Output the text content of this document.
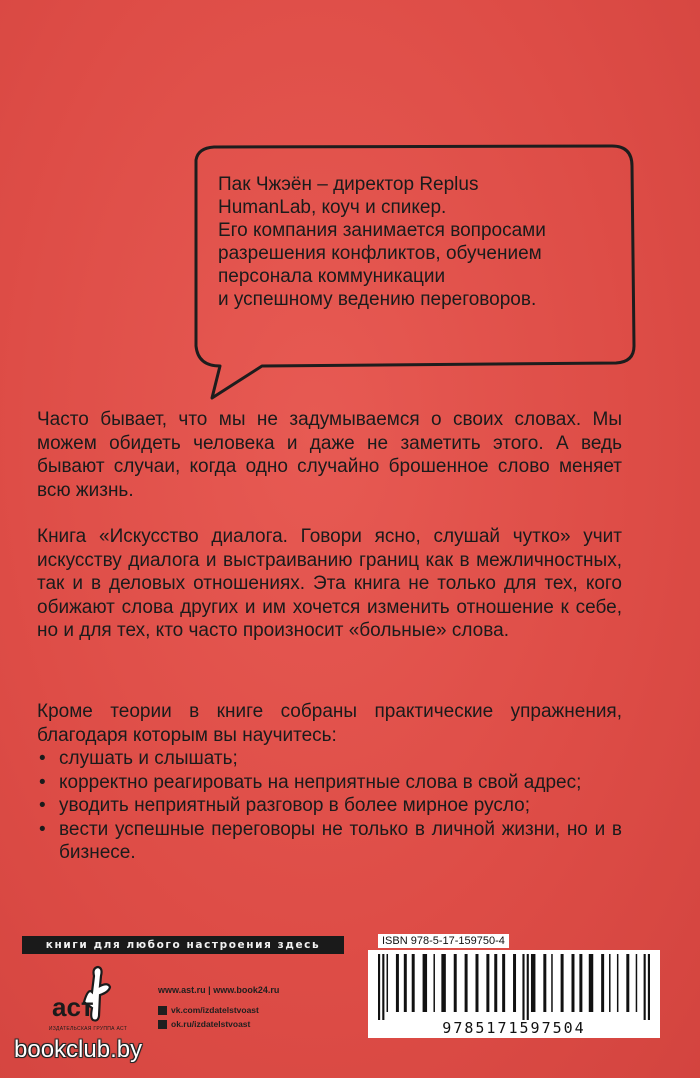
Пак Чжэён – директор Replus
HumanLab, коуч и спикер.
Его компания занимается вопросами
разрешения конфликтов, обучением
персонала коммуникации
и успешному ведению переговоров.

Часто бывает, что мы не задумываемся о своих словах. Мы можем обидеть человека и даже не заметить этого. А ведь бывают случаи, когда одно случайно брошенное слово меняет всю жизнь.

Книга «Искусство диалога. Говори ясно, слушай чутко» учит искусству диалога и выстраиванию границ как в межличностных, так и в деловых отношениях. Эта книга не только для тех, кого обижают слова других и им хочется изменить отношение к себе, но и для тех, кто часто произносит «больные» слова.

Кроме теории в книге собраны практические упражнения, благодаря которым вы научитесь:

• слушать и слышать;
• корректно реагировать на неприятные слова в свой адрес;
• уводить неприятный разговор в более мирное русло;
• вести успешные переговоры не только в личной жизни, но и в бизнесе.
книги для любого настроения здесь
аст
ИЗДАТЕЛЬСКАЯ ГРУППА АСТ
www.ast.ru | www.book24.ru
vk.com/izdatelstvoast
ok.ru/izdatelstvoast
ISBN 978-5-17-159750-4
9785171597504
bookclub.by
